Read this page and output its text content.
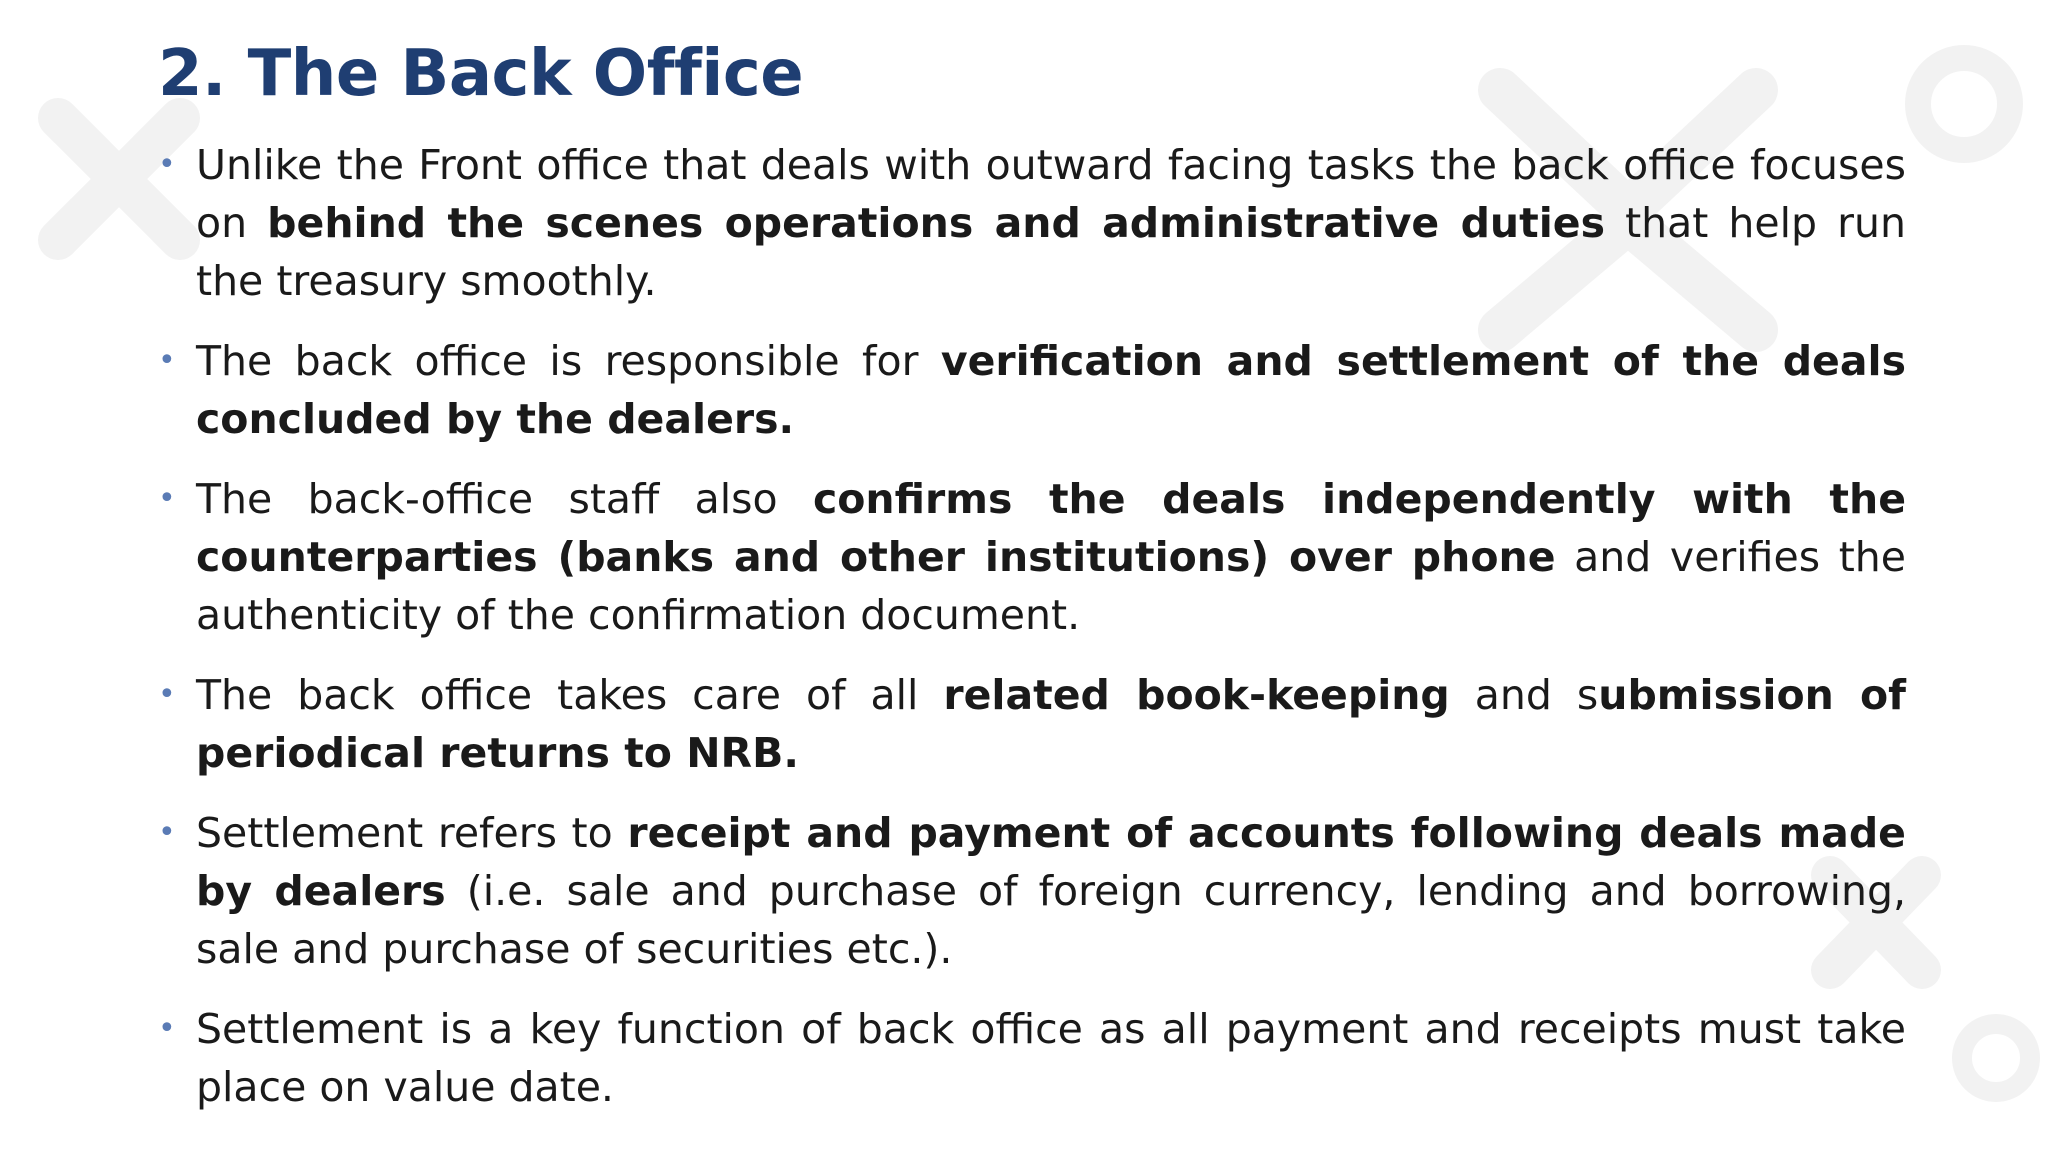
2. The Back Office
• Unlike the Front office that deals with outward facing tasks the back office focuses on behind the scenes operations and administrative duties that help run the treasury smoothly.
• The back office is responsible for verification and settlement of the deals concluded by the dealers.
• The back-office staff also confirms the deals independently with the counterparties (banks and other institutions) over phone and verifies the authenticity of the confirmation document.
• The back office takes care of all related book-keeping and submission of periodical returns to NRB.
• Settlement refers to receipt and payment of accounts following deals made by dealers (i.e. sale and purchase of foreign currency, lending and borrowing, sale and purchase of securities etc.).
• Settlement is a key function of back office as all payment and receipts must take place on value date.
